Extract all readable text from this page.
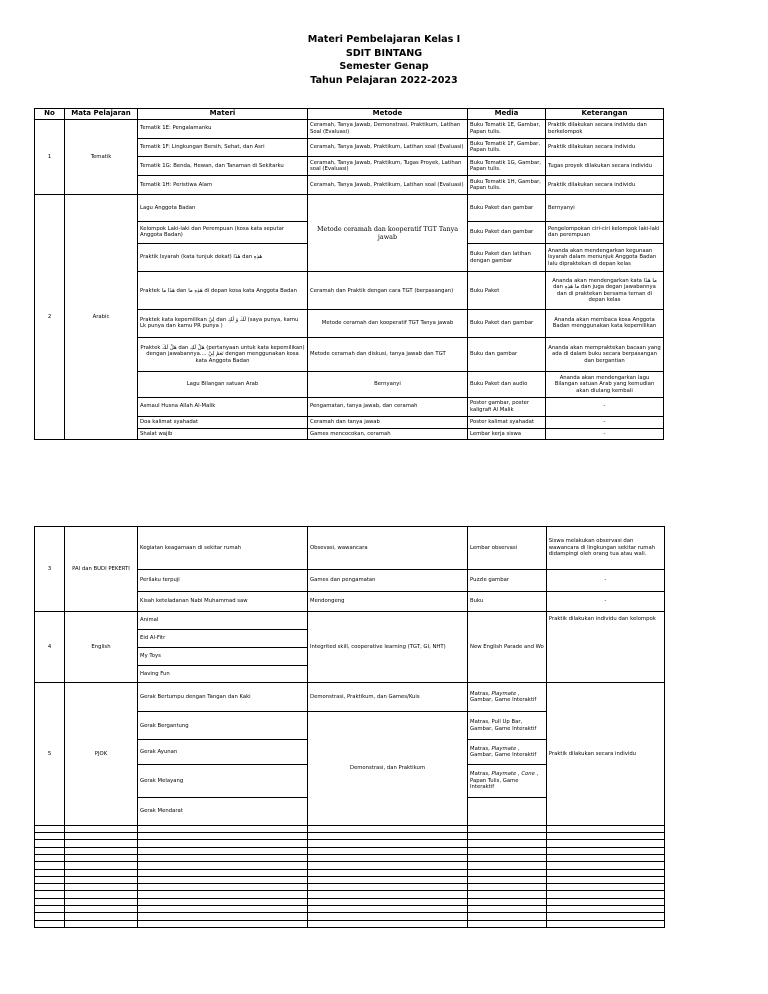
Materi Pembelajaran Kelas I
SDIT BINTANG
Semester Genap
Tahun Pelajaran 2022-2023
No	Mata Pelajaran	Materi	Metode	Media	Keterangan
1	Tematik	Tematik 1E: Pengalamanku	Ceramah, Tanya Jawab, Demonstrasi, Praktikum, Latihan Soal (Evaluasi)	Buku Tematik 1E, Gambar, Papan tulis.	Praktik dilakukan secara individu dan berkelompok
		Tematik 1F: Lingkungan Bersih, Sehat, dan Asri	Ceramah, Tanya Jawab, Praktikum, Latihan soal (Evaluasi)	Buku Tematik 1F, Gambar, Papan tulis.	Praktik dilakukan secara individu
		Tematik 1G: Benda, Hewan, dan Tanaman di Sekitarku	Ceramah, Tanya Jawab, Praktikum, Tugas Proyek, Latihan soal (Evaluasi)	Buku Tematik 1G, Gambar, Papan tulis.	Tugas proyek dilakukan secara individu
		Tematik 1H: Peristiwa Alam	Ceramah, Tanya Jawab, Praktikum, Latihan soal (Evaluasi)	Buku Tematik 1H, Gambar, Papan tulis.	Praktik dilakukan secara individu
2	Arabic	Lagu Anggota Badan	Metode ceramah dan kooperatif TGT Tanya jawab	Buku Paket dan gambar	Bernyanyi
		Kelompok Laki-laki dan Perempuan (kosa kata seputar Anggota Badan)		Buku Paket dan gambar	Pengelompokan ciri-ciri kelompok laki-laki dan perempuan
		Praktik Isyarah (kata tunjuk dekat) هَذَا dan هَذِهِ		Buku Paket dan latihan dengan gambar	Ananda akan mendengarkan kegunaan Isyarah dalam menunjuk Anggota Badan lalu dipraktekan di depan kelas
		Praktek هَذَا ما dan هَذِهِ ما di depan kosa kata Anggota Badan	Ceramah dan Praktik dengan cara TGT (berpasangan)	Buku Paket	Ananda akan mendengarkan kata ما هَذَا dan ما هَذِهِ dan juga degan jawabannya dan di praktekan bersama teman di depan kelas
		Praktek kata kepemilikan لِيْ dan لَكَ وَ لَكِ (saya punya, kamu Lk punya dan kamu PR punya )	Metode ceramah dan kooperatif TGT Tanya jawab	Buku Paket dan gambar	Ananda akan membaca kosa Anggota Badan menggunakan kata kepemilikan
		Praktek هَلْ لَكَ dan هَلْ لَكِ (pertanyaan untuk kata kepemilikan) dengan jawabannya.... نَعَمْ لِيْ dengan menggunakan kosa kata Anggota Badan	Metode ceramah dan diskusi, tanya jawab dan TGT	Buku dan gambar	Ananda akan mempraktekan bacaan yang ada di dalam buku secara berpasangan dan bergantian
		Lagu Bilangan satuan Arab	Bernyanyi	Buku Paket dan audio	Ananda akan mendengarkan lagu Bilangan satuan Arab yang kemudian akan diulang kembali
		Asmaul Husna Allah Al-Malik	Pengamatan, tanya jawab, dan ceramah	Poster gambar, poster kaligrafi Al Malik	-
		Doa kalimat syahadat	Ceramah dan tanya jawab	Poster kalimat syahadat	-
		Shalat wajib	Games mencocokan, ceramah	Lembar kerja siswa	-
3	PAI dan BUDI PEKERTI	Kegiatan keagamaan di sekitar rumah	Obsevasi, wawancara	Lembar observasi	Siswa melakukan observasi dan wawancara di lingkungan sekitar rumah didampingi oleh orang tua atau wali.
		Perilaku terpuji	Games dan pengamatan	Puzzle gambar	-
		Kisah keteladanan Nabi Muhammad saw	Mendongeng	Buku	-
4	English	Animal	Integrited skill, cooperative learning (TGT, GI, NHT)	New English Parade and Wo	Praktik dilakukan individu dan kelompok
		Eid Al-Fitr			
		My Toys			
		Having Fun			
5	PJOK	Gerak Bertumpu dengan Tangan dan Kaki	Demonstrasi, Praktikum, dan Games/Kuis	Matras, Playmate , Gambar, Game Interaktif	Praktik dilakukan secara individu
		Gerak Bergantung	Demonstrasi, dan Praktikum	Matras, Pull Up Bar, Gambar, Game Interaktif	
		Gerak Ayunan		Matras, Playmate , Gambar, Game Interaktif	
		Gerak Melayang		Matras, Playmate , Cone , Papan Tulis, Game Interaktif	
		Gerak Mendarat			
